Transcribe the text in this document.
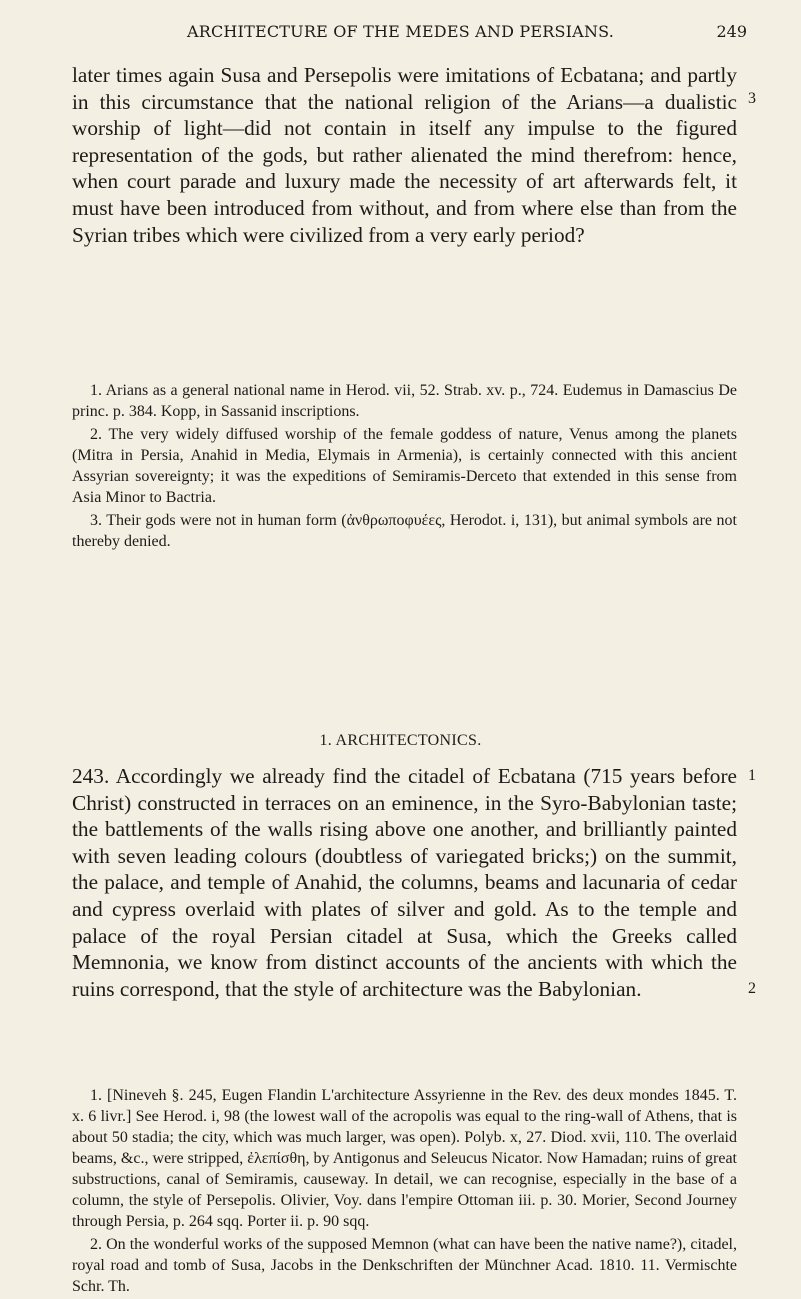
ARCHITECTURE OF THE MEDES AND PERSIANS.	249

later times again Susa and Persepolis were imitations of Ecbatana; and partly in this circumstance that the national religion of the Arians—a dualistic worship of light—did not contain in itself any impulse to the figured representation of the gods, but rather alienated the mind therefrom: hence, when court parade and luxury made the necessity of art afterwards felt, it must have been introduced from without, and from where else than from the Syrian tribes which were civilized from a very early period?

3

1. Arians as a general national name in Herod. vii, 52. Strab. xv. p., 724. Eudemus in Damascius De princ. p. 384. Kopp, in Sassanid inscriptions.

2. The very widely diffused worship of the female goddess of nature, Venus among the planets (Mitra in Persia, Anahid in Media, Elymais in Armenia), is certainly connected with this ancient Assyrian sovereignty; it was the expeditions of Semiramis-Derceto that extended in this sense from Asia Minor to Bactria.

3. Their gods were not in human form (ἀνθρωποφυέες, Herodot. i, 131), but animal symbols are not thereby denied.

1. ARCHITECTONICS.

243. Accordingly we already find the citadel of Ecbatana (715 years before Christ) constructed in terraces on an eminence, in the Syro-Babylonian taste; the battlements of the walls rising above one another, and brilliantly painted with seven leading colours (doubtless of variegated bricks;) on the summit, the palace, and temple of Anahid, the columns, beams and lacunaria of cedar and cypress overlaid with plates of silver and gold. As to the temple and palace of the royal Persian citadel at Susa, which the Greeks called Memnonia, we know from distinct accounts of the ancients with which the ruins correspond, that the style of architecture was the Babylonian.

1
2

1. [Nineveh §. 245, Eugen Flandin L'architecture Assyrienne in the Rev. des deux mondes 1845. T. x. 6 livr.] See Herod. i, 98 (the lowest wall of the acropolis was equal to the ring-wall of Athens, that is about 50 stadia; the city, which was much larger, was open). Polyb. x, 27. Diod. xvii, 110. The overlaid beams, &c., were stripped, ἐλεπίσθη, by Antigonus and Seleucus Nicator. Now Hamadan; ruins of great substructions, canal of Semiramis, causeway. In detail, we can recognise, especially in the base of a column, the style of Persepolis. Olivier, Voy. dans l'empire Ottoman iii. p. 30. Morier, Second Journey through Persia, p. 264 sqq. Porter ii. p. 90 sqq.

2. On the wonderful works of the supposed Memnon (what can have been the native name?), citadel, royal road and tomb of Susa, Jacobs in the Denkschriften der Münchner Acad. 1810. 11. Vermischte Schr. Th.
